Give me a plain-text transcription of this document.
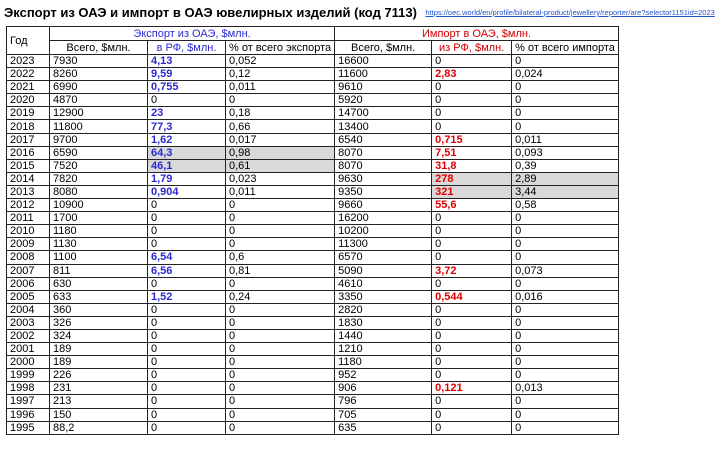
Экспорт из ОАЭ и импорт в ОАЭ ювелирных изделий (код 7113) https://oec.world/en/profile/bilateral-product/jewellery/reporter/are?selector1151id=2023
Год	Экспорт из ОАЭ, $млн.			Импорт в ОАЭ, $млн.		
	Всего, $млн.	в РФ, $млн.	% от всего экспорта	Всего, $млн.	из РФ, $млн.	% от всего импорта
2023	7930	4,13	0,052	16600	0	0
2022	8260	9,59	0,12	11600	2,83	0,024
2021	6990	0,755	0,011	9610	0	0
2020	4870	0	0	5920	0	0
2019	12900	23	0,18	14700	0	0
2018	11800	77,3	0,66	13400	0	0
2017	9700	1,62	0,017	6540	0,715	0,011
2016	6590	64,3	0,98	8070	7,51	0,093
2015	7520	46,1	0,61	8070	31,8	0,39
2014	7820	1,79	0,023	9630	278	2,89
2013	8080	0,904	0,011	9350	321	3,44
2012	10900	0	0	9660	55,6	0,58
2011	1700	0	0	16200	0	0
2010	1180	0	0	10200	0	0
2009	1130	0	0	11300	0	0
2008	1100	6,54	0,6	6570	0	0
2007	811	6,56	0,81	5090	3,72	0,073
2006	630	0	0	4610	0	0
2005	633	1,52	0,24	3350	0,544	0,016
2004	360	0	0	2820	0	0
2003	326	0	0	1830	0	0
2002	324	0	0	1440	0	0
2001	189	0	0	1210	0	0
2000	189	0	0	1180	0	0
1999	226	0	0	952	0	0
1998	231	0	0	906	0,121	0,013
1997	213	0	0	796	0	0
1996	150	0	0	705	0	0
1995	88,2	0	0	635	0	0
